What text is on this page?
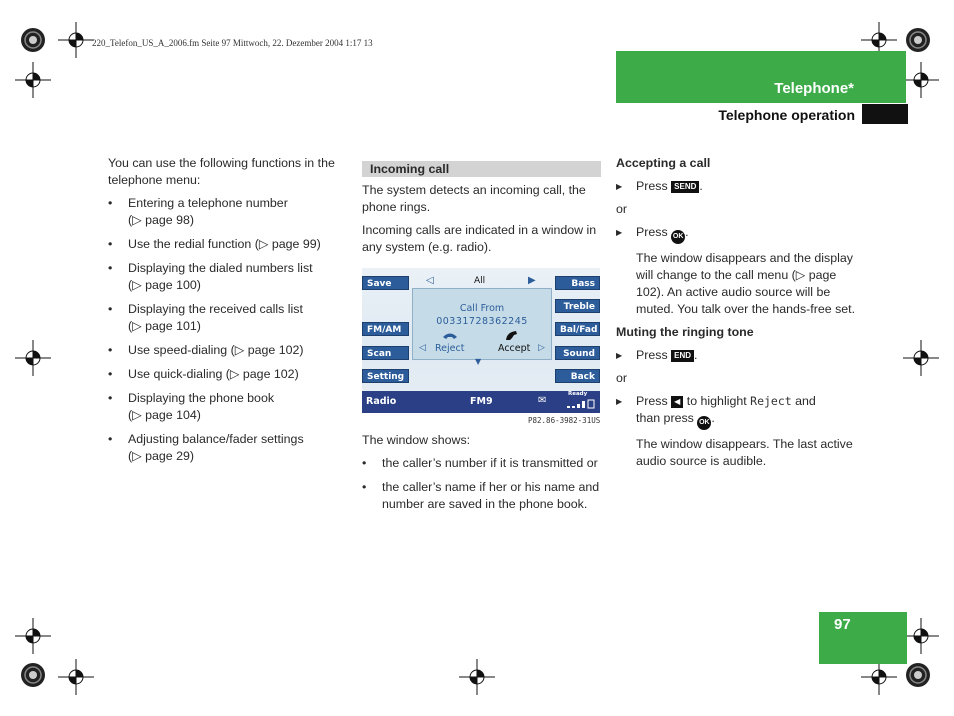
220_Telefon_US_A_2006.fm Seite 97 Mittwoch, 22. Dezember 2004 1:17 13
Telephone*
Telephone operation

You can use the following functions in the telephone menu:

• Entering a telephone number
(▷ page 98)
• Use the redial function (▷ page 99)
• Displaying the dialed numbers list
(▷ page 100)
• Displaying the received calls list
(▷ page 101)
• Use speed-dialing (▷ page 102)
• Use quick-dialing (▷ page 102)
• Displaying the phone book
(▷ page 104)
• Adjusting balance/fader settings
(▷ page 29)
Incoming call

The system detects an incoming call, the phone rings.

Incoming calls are indicated in a window in any system (e.g. radio).

Save
FM/AM
Scan
Setting
Bass
Treble
Bal/Fad
Sound
Back
◁	All	▶
Call From
00331728362245
◁ Reject	Accept ▷
▼
Radio	FM9	✉
Ready
P82.86-3982-31US

The window shows:

• the caller’s number if it is transmitted or
• the caller’s name if her or his name and number are saved in the phone book.
Accepting a call
▶ Press SEND .

or

▶ Press OK .

The window disappears and the display will change to the call menu (▷ page 102). An active audio source will be muted. You talk over the hands-free set.

Muting the ringing tone
▶ Press END .

or

▶ Press ◀ to highlight Reject and
than press OK .

The window disappears. The last active audio source is audible.

97
